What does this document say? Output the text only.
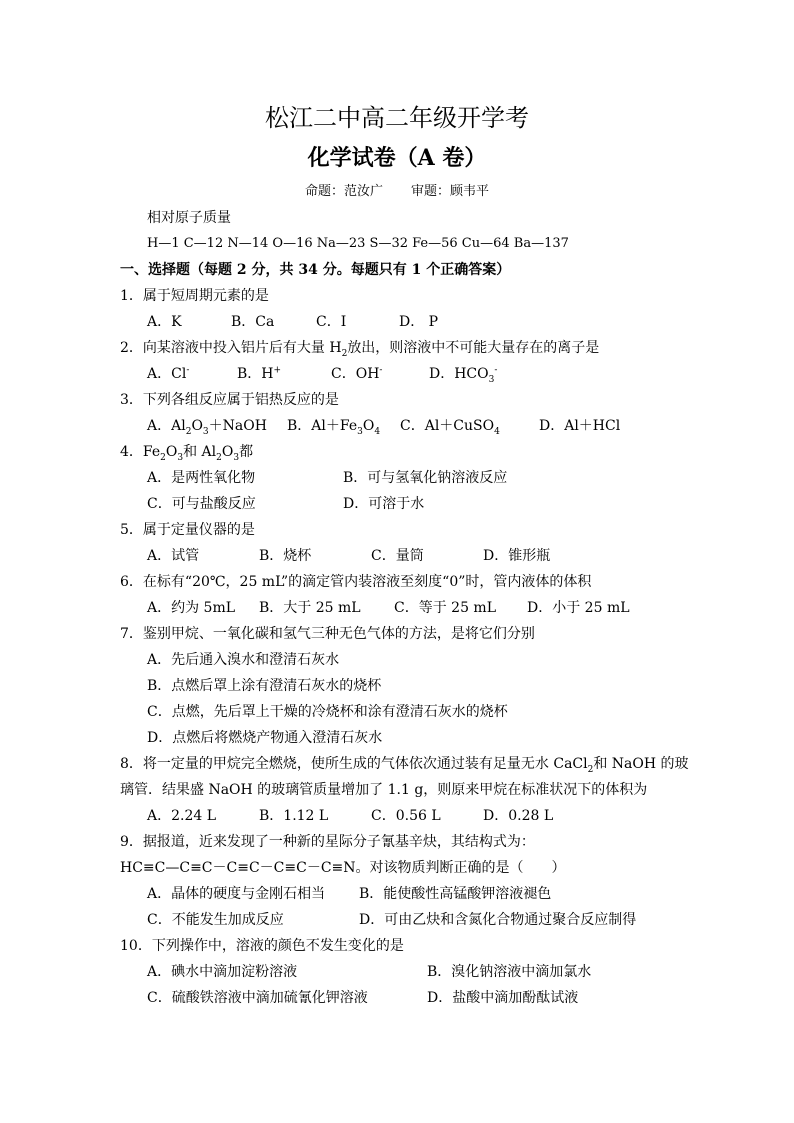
松江二中高二年级开学考
化学试卷（A 卷）
命题：范汝广 审题：顾韦平
相对原子质量
H—1 C—12 N—14 O—16 Na—23 S—32 Fe—56 Cu—64 Ba—137
一、选择题（每题 2 分，共 34 分。每题只有 1 个正确答案）
1．属于短周期元素的是
A．K	B．Ca	C．I	D． P
2．向某溶液中投入铝片后有大量 $H_2$放出，则溶液中不可能大量存在的离子是
A．Cl-	B．H+	C．OH-	D．$HCO_3^-$
3．下列各组反应属于铝热反应的是
A．$Al_2O_3+NaOH$ B．$Al+Fe_3O_4$ C．Al＋CuSO$_4$	D．Al＋HCl
4．$Fe_2O_3$和 $Al_2O_3$都
A．是两性氧化物	B．可与氢氧化钠溶液反应
C．可与盐酸反应	D．可溶于水
5．属于定量仪器的是
A．试管	B．烧杯	C．量筒	D．锥形瓶
6．在标有“20℃，25 mL”的滴定管内装溶液至刻度“0”时，管内液体的体积
A．约为 5mL B．大于 25 mL C．等于 25 mL D．小于 25 mL
7．鉴别甲烷、一氧化碳和氢气三种无色气体的方法，是将它们分别
A．先后通入溴水和澄清石灰水
B．点燃后罩上涂有澄清石灰水的烧杯
C．点燃，先后罩上干燥的冷烧杯和涂有澄清石灰水的烧杯
D．点燃后将燃烧产物通入澄清石灰水
8．将一定量的甲烷完全燃烧，使所生成的气体依次通过装有足量无水 CaCl$_2$和 NaOH 的玻
璃管．结果盛 NaOH 的玻璃管质量增加了 1.1 g，则原来甲烷在标准状况下的体积为
A．2.24 L	B．1.12 L	C．0.56 L	D．0.28 L
9．据报道，近来发现了一种新的星际分子氰基辛炔，其结构式为：
HC≡C—C≡C－C≡C－C≡C－C≡N。对该物质判断正确的是（　　）
A．晶体的硬度与金刚石相当 B．能使酸性高锰酸钾溶液褪色
C．不能发生加成反应	D．可由乙炔和含氮化合物通过聚合反应制得
10．下列操作中，溶液的颜色不发生变化的是
A．碘水中滴加淀粉溶液	B．溴化钠溶液中滴加氯水
C．硫酸铁溶液中滴加硫氰化钾溶液	D．盐酸中滴加酚酞试液
